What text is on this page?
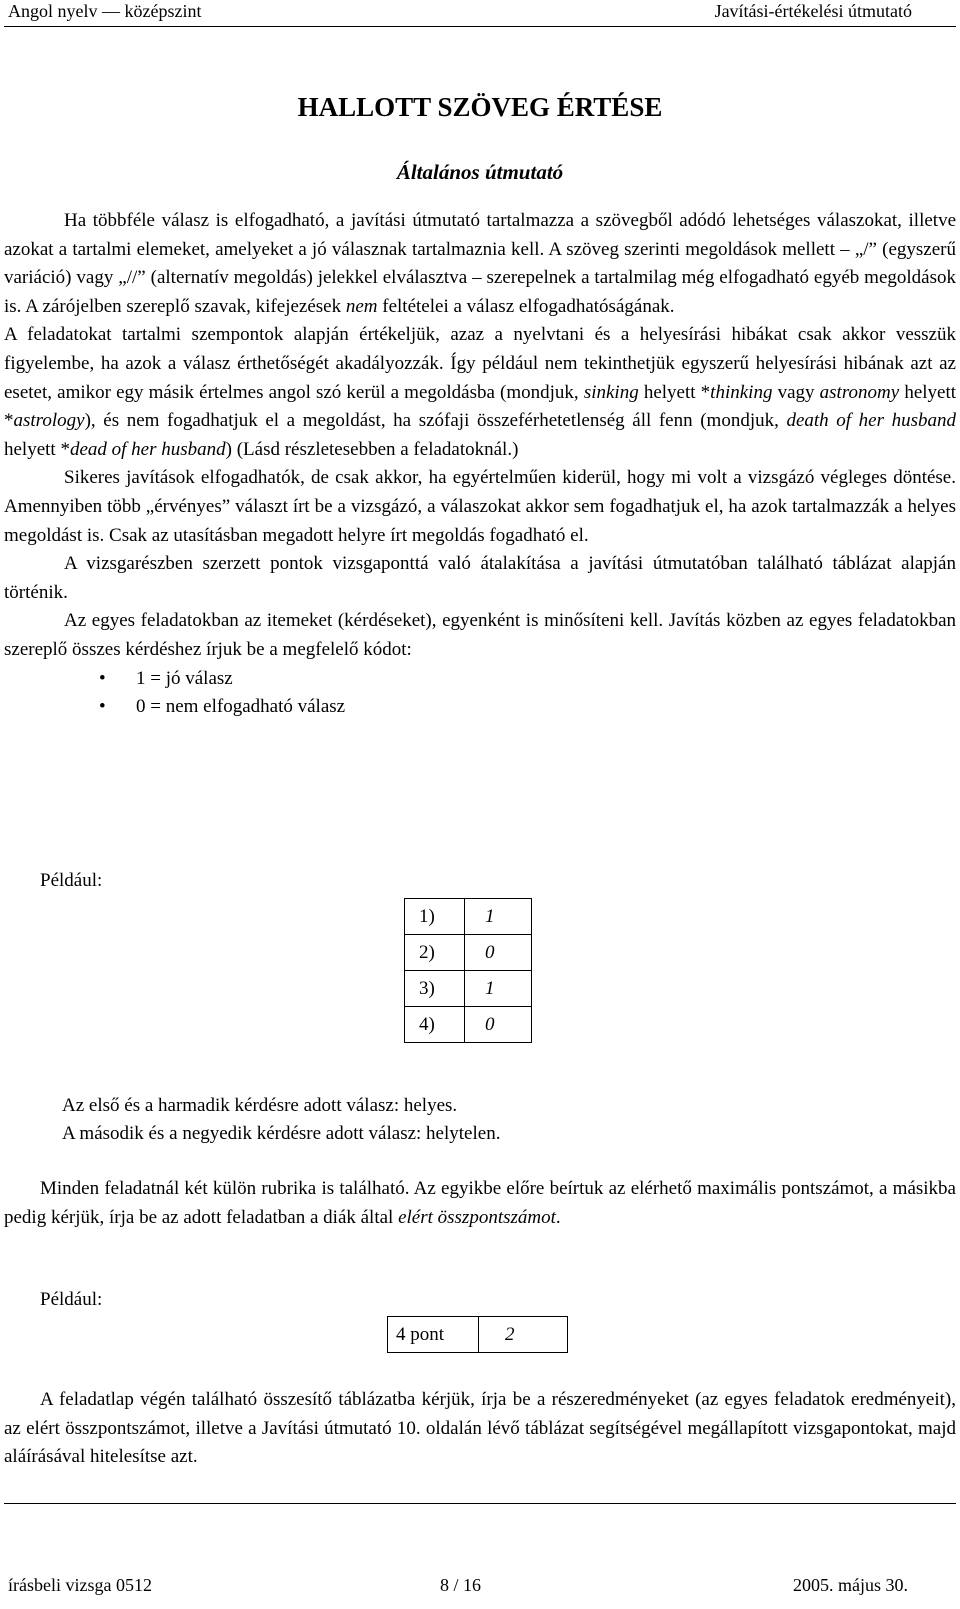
Angol nyelv — középszint	Javítási-értékelési útmutató
HALLOTT SZÖVEG ÉRTÉSE
Általános útmutató

Ha többféle válasz is elfogadható, a javítási útmutató tartalmazza a szövegből adódó lehetséges válaszokat, illetve azokat a tartalmi elemeket, amelyeket a jó válasznak tartalmaznia kell. A szöveg szerinti megoldások mellett – „/” (egyszerű variáció) vagy „//” (alternatív megoldás) jelekkel elválasztva – szerepelnek a tartalmilag még elfogadható egyéb megoldások is. A zárójelben szereplő szavak, kifejezések nem feltételei a válasz elfogadhatóságának.

A feladatokat tartalmi szempontok alapján értékeljük, azaz a nyelvtani és a helyesírási hibákat csak akkor vesszük figyelembe, ha azok a válasz érthetőségét akadályozzák. Így például nem tekinthetjük egyszerű helyesírási hibának azt az esetet, amikor egy másik értelmes angol szó kerül a megoldásba (mondjuk, sinking helyett *thinking vagy astronomy helyett *astrology), és nem fogadhatjuk el a megoldást, ha szófaji összeférhetetlenség áll fenn (mondjuk, death of her husband helyett *dead of her husband) (Lásd részletesebben a feladatoknál.)

Sikeres javítások elfogadhatók, de csak akkor, ha egyértelműen kiderül, hogy mi volt a vizsgázó végleges döntése. Amennyiben több „érvényes” választ írt be a vizsgázó, a válaszokat akkor sem fogadhatjuk el, ha azok tartalmazzák a helyes megoldást is. Csak az utasításban megadott helyre írt megoldás fogadható el.

A vizsgarészben szerzett pontok vizsgaponttá való átalakítása a javítási útmutatóban található táblázat alapján történik.

Az egyes feladatokban az itemeket (kérdéseket), egyenként is minősíteni kell. Javítás közben az egyes feladatokban szereplő összes kérdéshez írjuk be a megfelelő kódot:

• 1 = jó válasz
• 0 = nem elfogadható válasz
Például:
1)	1
2)	0
3)	1
4)	0
Az első és a harmadik kérdésre adott válasz: helyes.
A második és a negyedik kérdésre adott válasz: helytelen.

Minden feladatnál két külön rubrika is található. Az egyikbe előre beírtuk az elérhető maximális pontszámot, a másikba pedig kérjük, írja be az adott feladatban a diák által elért összpontszámot.

Például:
4 pont	2

A feladatlap végén található összesítő táblázatba kérjük, írja be a részeredményeket (az egyes feladatok eredményeit), az elért összpontszámot, illetve a Javítási útmutató 10. oldalán lévő táblázat segítségével megállapított vizsgapontokat, majd aláírásával hitelesítse azt.

írásbeli vizsga 0512	8 / 16	2005. május 30.
